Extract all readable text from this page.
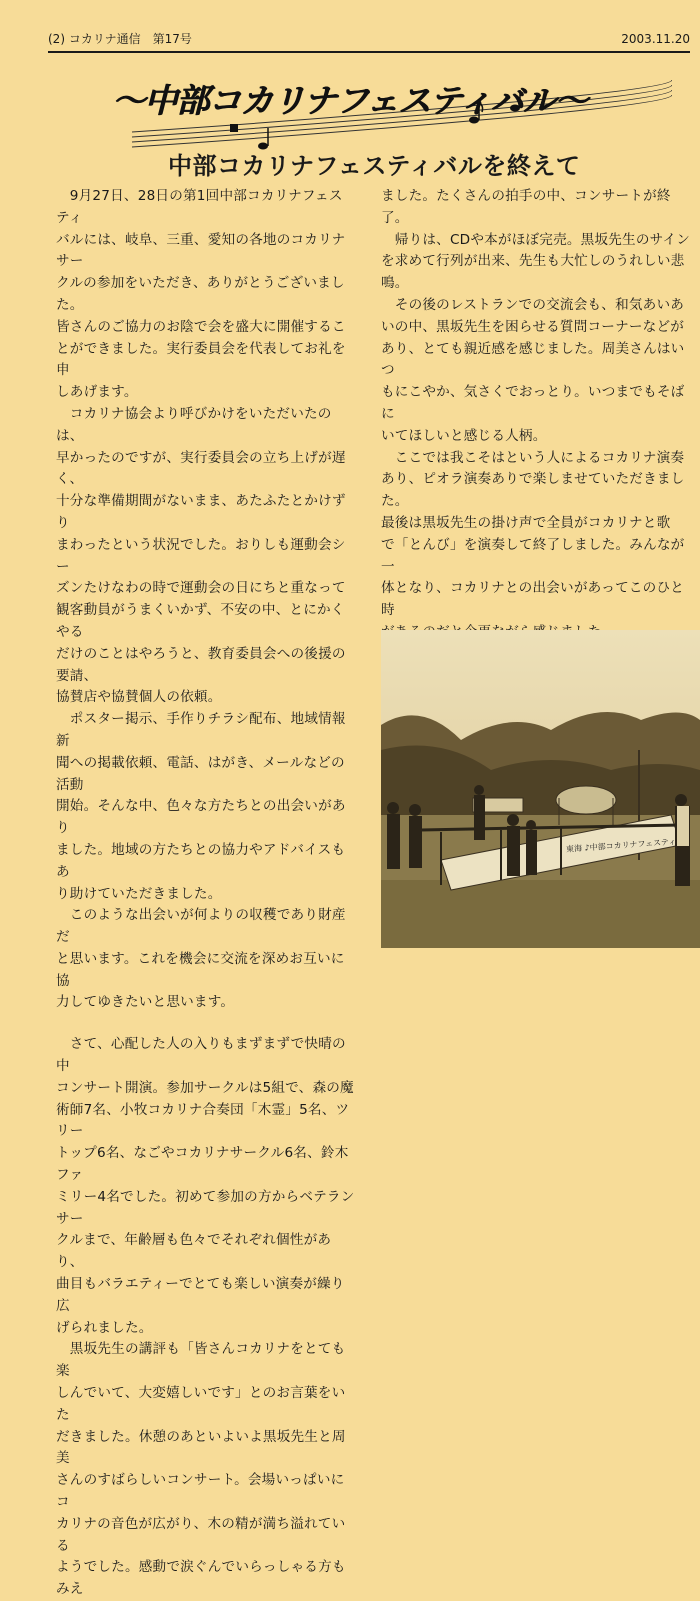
(2) コカリナ通信　第17号	2003.11.20
〜中部コカリナフェスティバル〜
中部コカリナフェスティバルを終えて

　9月27日、28日の第1回中部コカリナフェスティ
バルには、岐阜、三重、愛知の各地のコカリナサー
クルの参加をいただき、ありがとうございました。
皆さんのご協力のお陰で会を盛大に開催するこ
とができました。実行委員会を代表してお礼を申
しあげます。

　コカリナ協会より呼びかけをいただいたのは、
早かったのですが、実行委員会の立ち上げが遅く、
十分な準備期間がないまま、あたふたとかけずり
まわったという状況でした。おりしも運動会シー
ズンたけなわの時で運動会の日にちと重なって
観客動員がうまくいかず、不安の中、とにかくやる
だけのことはやろうと、教育委員会への後援の要請、
協賛店や協賛個人の依頼。

　ポスター掲示、手作りチラシ配布、地域情報新
聞への掲載依頼、電話、はがき、メールなどの活動
開始。そんな中、色々な方たちとの出会いがあり
ました。地域の方たちとの協力やアドバイスもあ
り助けていただきました。

　このような出会いが何よりの収穫であり財産だ
と思います。これを機会に交流を深めお互いに協
力してゆきたいと思います。

　さて、心配した人の入りもまずまずで快晴の中
コンサート開演。参加サークルは5組で、森の魔
術師7名、小牧コカリナ合奏団「木霊」5名、ツリー
トップ6名、なごやコカリナサークル6名、鈴木ファ
ミリー4名でした。初めて参加の方からベテランサー
クルまで、年齢層も色々でそれぞれ個性があり、
曲目もバラエティーでとても楽しい演奏が繰り広
げられました。

　黒坂先生の講評も「皆さんコカリナをとても楽
しんでいて、大変嬉しいです」とのお言葉をいた
だきました。休憩のあといよいよ黒坂先生と周美
さんのすばらしいコンサート。会場いっぱいにコ
カリナの音色が広がり、木の精が満ち溢れている
ようでした。感動で涙ぐんでいらっしゃる方もみえ

ました。たくさんの拍手の中、コンサートが終了。

　帰りは、CDや本がほぼ完売。黒坂先生のサイン
を求めて行列が出来、先生も大忙しのうれしい悲鳴。

　その後のレストランでの交流会も、和気あいあ
いの中、黒坂先生を困らせる質問コーナーなどが
あり、とても親近感を感じました。周美さんはいつ
もにこやか、気さくでおっとり。いつまでもそばに
いてほしいと感じる人柄。

　ここでは我こそはという人によるコカリナ演奏
あり、ピオラ演奏ありで楽しませていただきました。
最後は黒坂先生の掛け声で全員がコカリナと歌
で「とんび」を演奏して終了しました。みんなが一
体となり、コカリナとの出会いがあってこのひと時

東海 ♪中部コカリナフェスティ
